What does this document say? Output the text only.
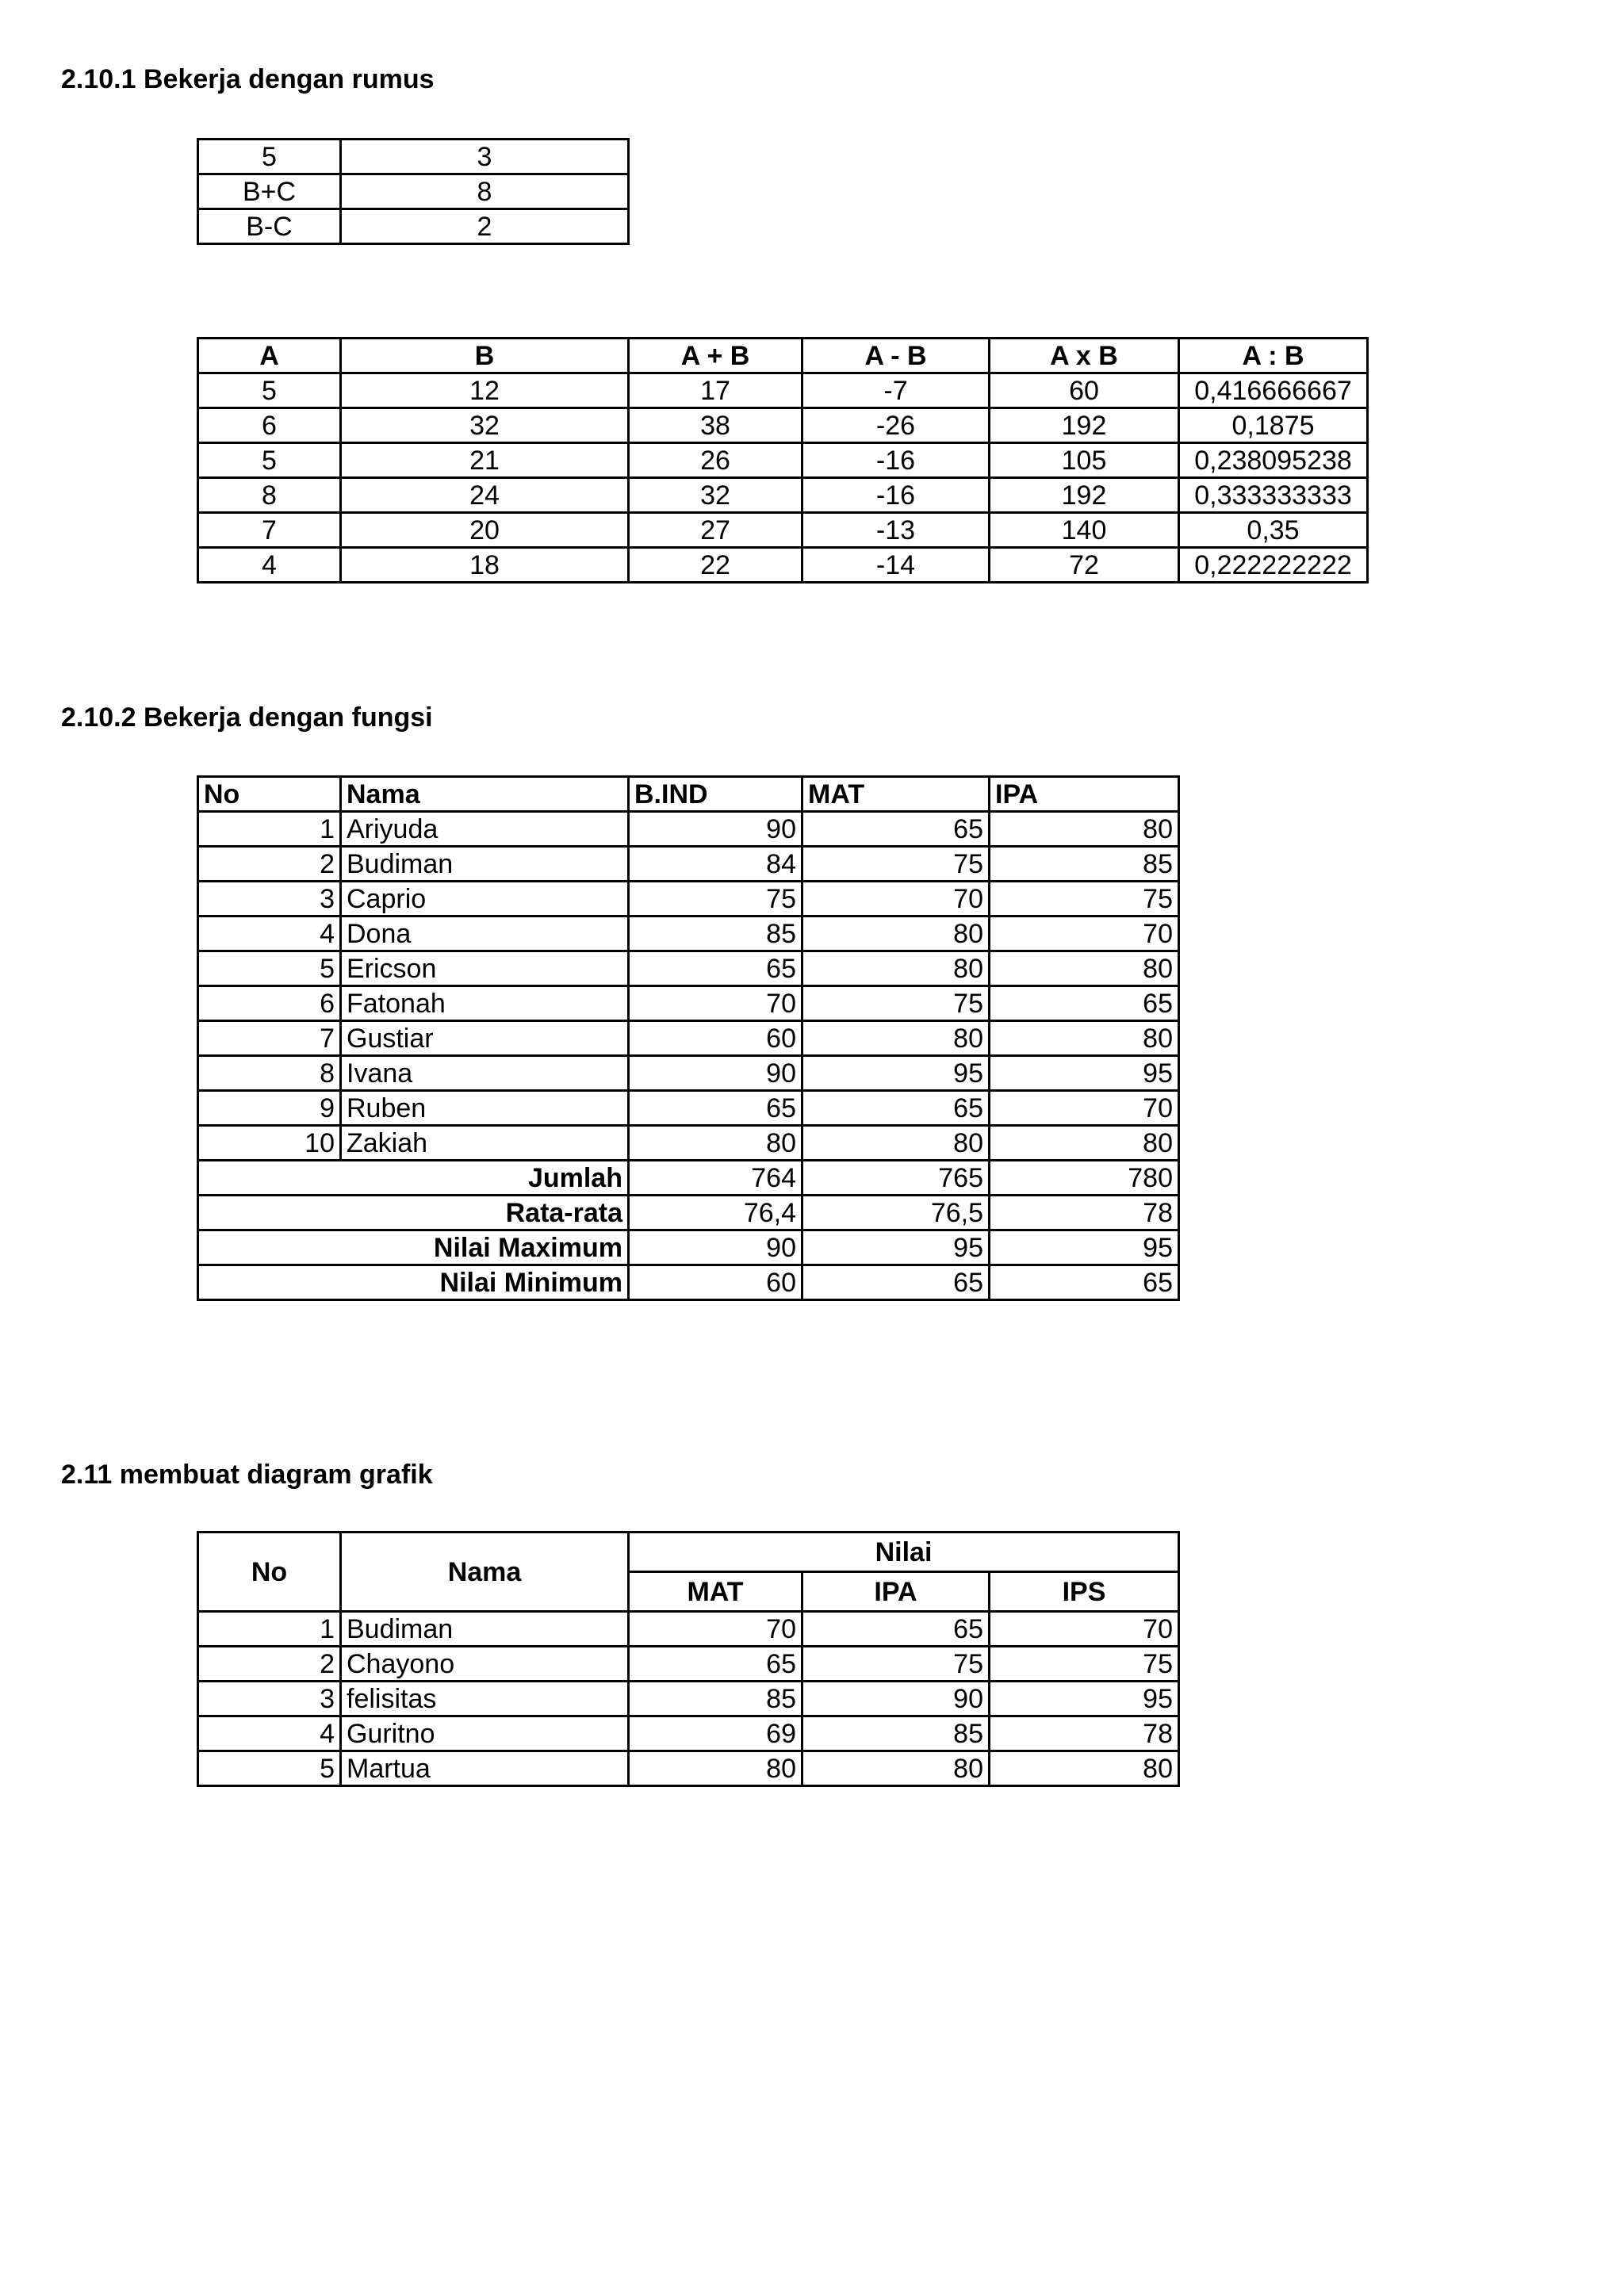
2.10.1 Bekerja dengan rumus
5	3
B+C	8
B-C	2
A	B	A + B	A - B	A x B	A : B
5	12	17	-7	60	0,416666667
6	32	38	-26	192	0,1875
5	21	26	-16	105	0,238095238
8	24	32	-16	192	0,333333333
7	20	27	-13	140	0,35
4	18	22	-14	72	0,222222222
2.10.2 Bekerja dengan fungsi
No	Nama	B.IND	MAT	IPA
1	Ariyuda	90	65	80
2	Budiman	84	75	85
3	Caprio	75	70	75
4	Dona	85	80	70
5	Ericson	65	80	80
6	Fatonah	70	75	65
7	Gustiar	60	80	80
8	Ivana	90	95	95
9	Ruben	65	65	70
10	Zakiah	80	80	80
Jumlah		764	765	780
Rata-rata		76,4	76,5	78
Nilai Maximum		90	95	95
Nilai Minimum		60	65	65
2.11 membuat diagram grafik
No	Nama	Nilai		
		MAT	IPA	IPS
1	Budiman	70	65	70
2	Chayono	65	75	75
3	felisitas	85	90	95
4	Guritno	69	85	78
5	Martua	80	80	80
